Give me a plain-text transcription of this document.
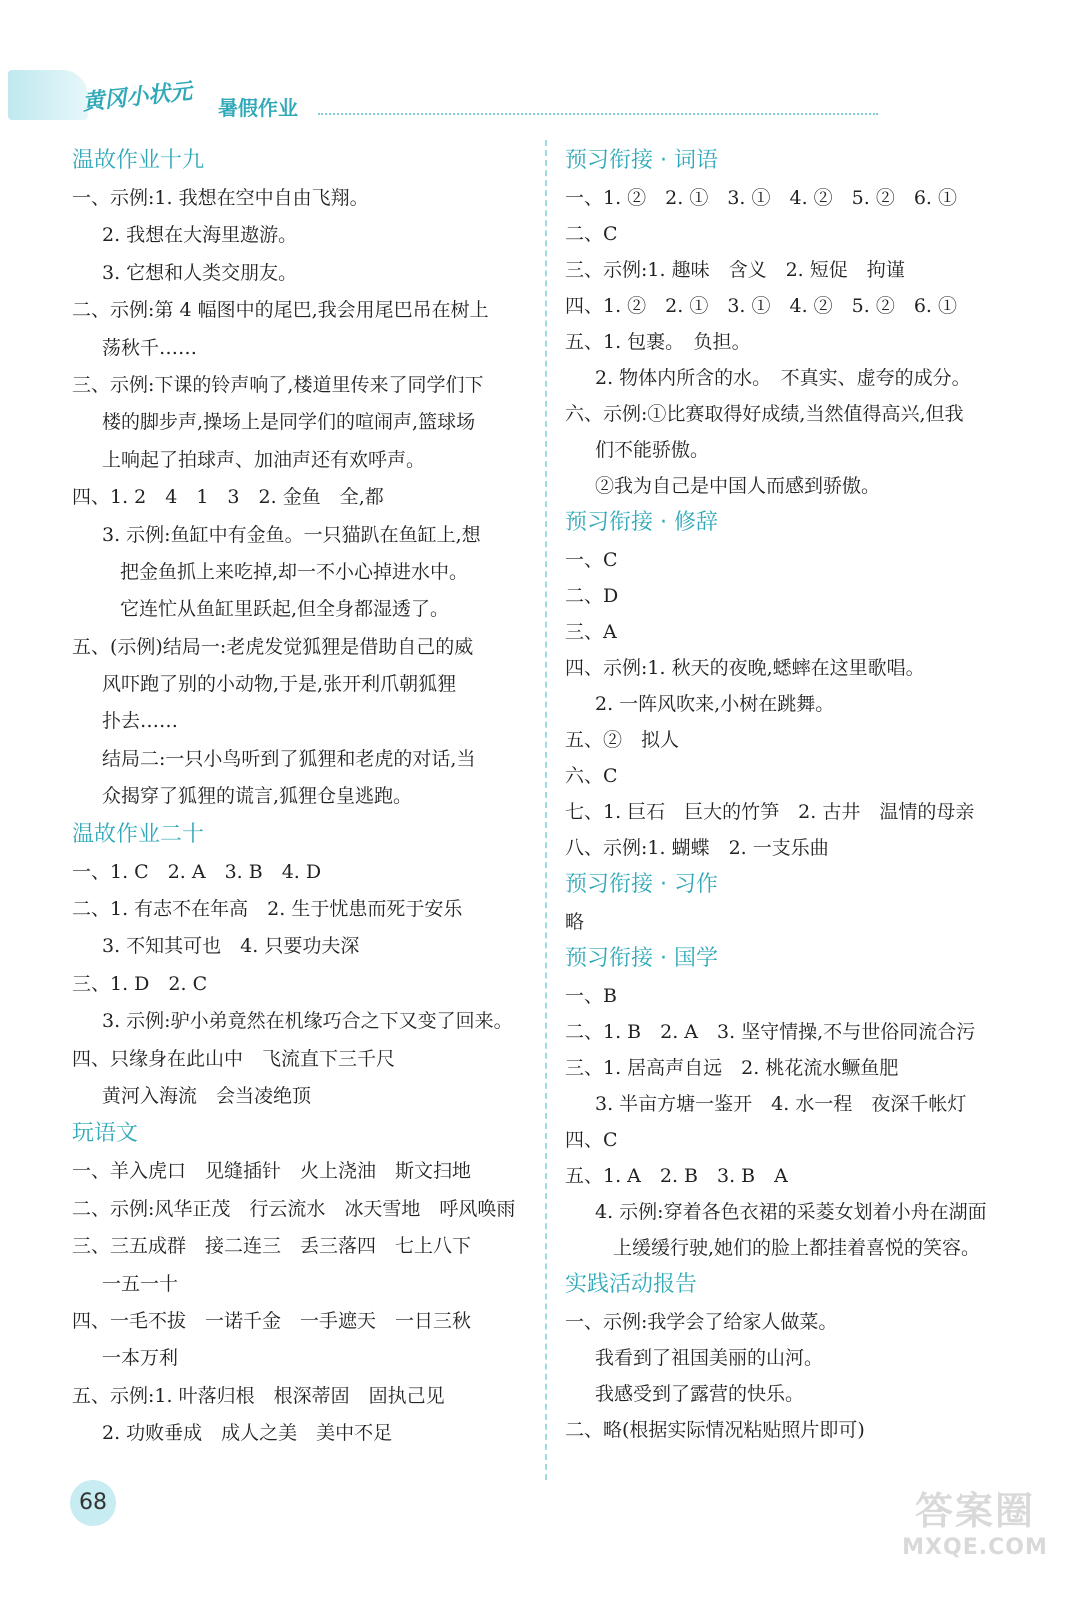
黄冈小状元 暑假作业
温故作业十九
一、示例:1. 我想在空中自由飞翔。
2. 我想在大海里遨游。
3. 它想和人类交朋友。
二、示例:第 4 幅图中的尾巴,我会用尾巴吊在树上
荡秋千……
三、示例:下课的铃声响了,楼道里传来了同学们下
楼的脚步声,操场上是同学们的喧闹声,篮球场
上响起了拍球声、加油声还有欢呼声。
四、1. 2　4　1　3　2. 金鱼　全,都
3. 示例:鱼缸中有金鱼。一只猫趴在鱼缸上,想
把金鱼抓上来吃掉,却一不小心掉进水中。
它连忙从鱼缸里跃起,但全身都湿透了。
五、(示例)结局一:老虎发觉狐狸是借助自己的威
风吓跑了别的小动物,于是,张开利爪朝狐狸
扑去……
结局二:一只小鸟听到了狐狸和老虎的对话,当
众揭穿了狐狸的谎言,狐狸仓皇逃跑。
温故作业二十
一、1. C　2. A　3. B　4. D
二、1. 有志不在年高　2. 生于忧患而死于安乐
3. 不知其可也　4. 只要功夫深
三、1. D　2. C
3. 示例:驴小弟竟然在机缘巧合之下又变了回来。
四、只缘身在此山中　飞流直下三千尺
黄河入海流　会当凌绝顶
玩语文
一、羊入虎口　见缝插针　火上浇油　斯文扫地
二、示例:风华正茂　行云流水　冰天雪地　呼风唤雨
三、三五成群　接二连三　丢三落四　七上八下
一五一十
四、一毛不拔　一诺千金　一手遮天　一日三秋
一本万利
五、示例:1. 叶落归根　根深蒂固　固执己见
2. 功败垂成　成人之美　美中不足
预习衔接 · 词语
一、1. ②　2. ①　3. ①　4. ②　5. ②　6. ①
二、C
三、示例:1. 趣味　含义　2. 短促　拘谨
四、1. ②　2. ①　3. ①　4. ②　5. ②　6. ①
五、1. 包裹。　负担。
2. 物体内所含的水。　不真实、虚夸的成分。
六、示例:①比赛取得好成绩,当然值得高兴,但我
们不能骄傲。
②我为自己是中国人而感到骄傲。
预习衔接 · 修辞
一、C
二、D
三、A
四、示例:1. 秋天的夜晚,蟋蟀在这里歌唱。
2. 一阵风吹来,小树在跳舞。
五、②　拟人
六、C
七、1. 巨石　巨大的竹笋　2. 古井　温情的母亲
八、示例:1. 蝴蝶　2. 一支乐曲
预习衔接 · 习作
略
预习衔接 · 国学
一、B
二、1. B　2. A　3. 坚守情操,不与世俗同流合污
三、1. 居高声自远　2. 桃花流水鳜鱼肥
3. 半亩方塘一鉴开　4. 水一程　夜深千帐灯
四、C
五、1. A　2. B　3. B　A
4. 示例:穿着各色衣裙的采菱女划着小舟在湖面
上缓缓行驶,她们的脸上都挂着喜悦的笑容。
实践活动报告
一、示例:我学会了给家人做菜。
我看到了祖国美丽的山河。
我感受到了露营的快乐。
二、略(根据实际情况粘贴照片即可)
68	答案圈
MXQE.COM
